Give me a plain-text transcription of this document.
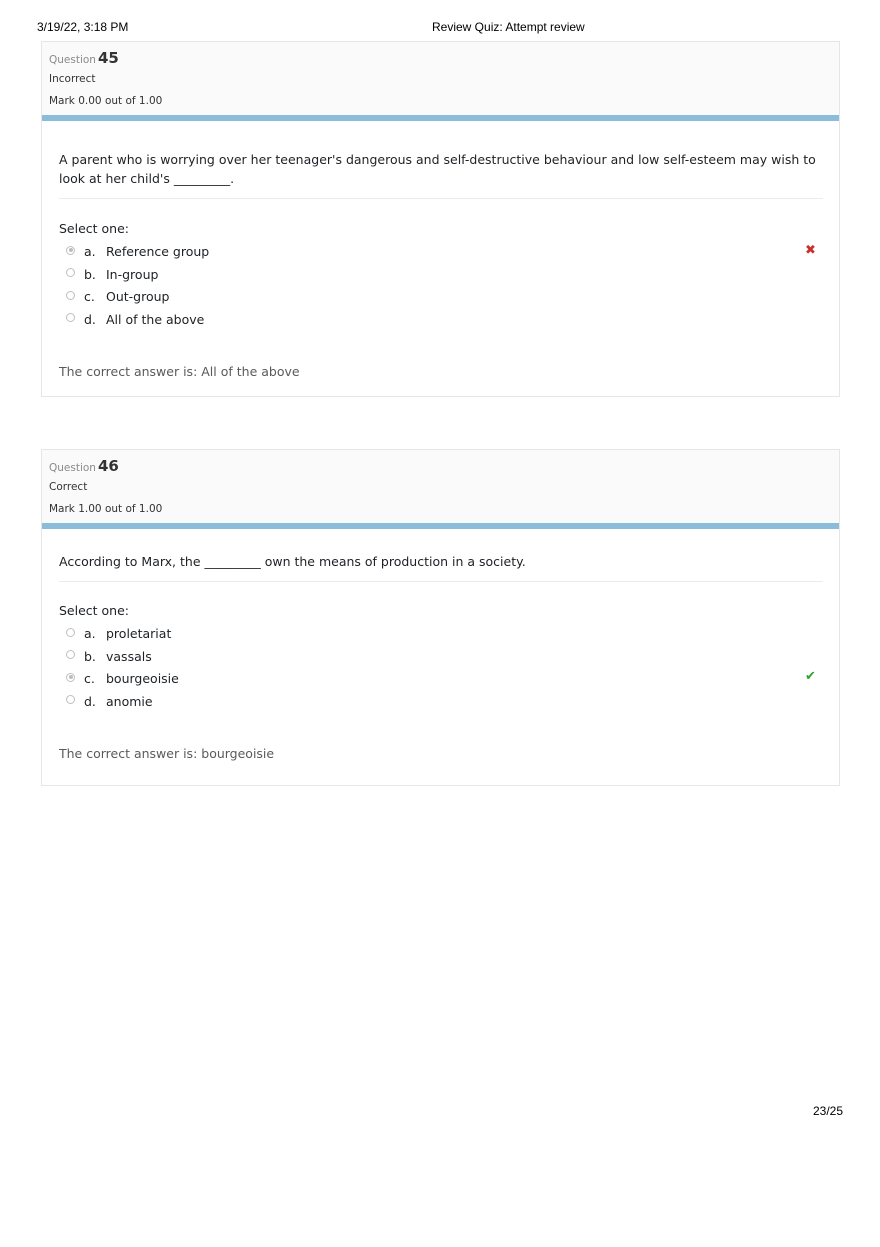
3/19/22, 3:18 PM	Review Quiz: Attempt review
Question 45
Incorrect
Mark 0.00 out of 1.00
A parent who is worrying over her teenager's dangerous and self-destructive behaviour and low self-esteem may wish to look at her child's _________.
Select one:
a. Reference group	✖
b. In-group
c. Out-group
d. All of the above
The correct answer is: All of the above
Question 46
Correct
Mark 1.00 out of 1.00
According to Marx, the _________ own the means of production in a society.
Select one:
a. proletariat
b. vassals
c. bourgeoisie	✔
d. anomie
The correct answer is: bourgeoisie
23/25
